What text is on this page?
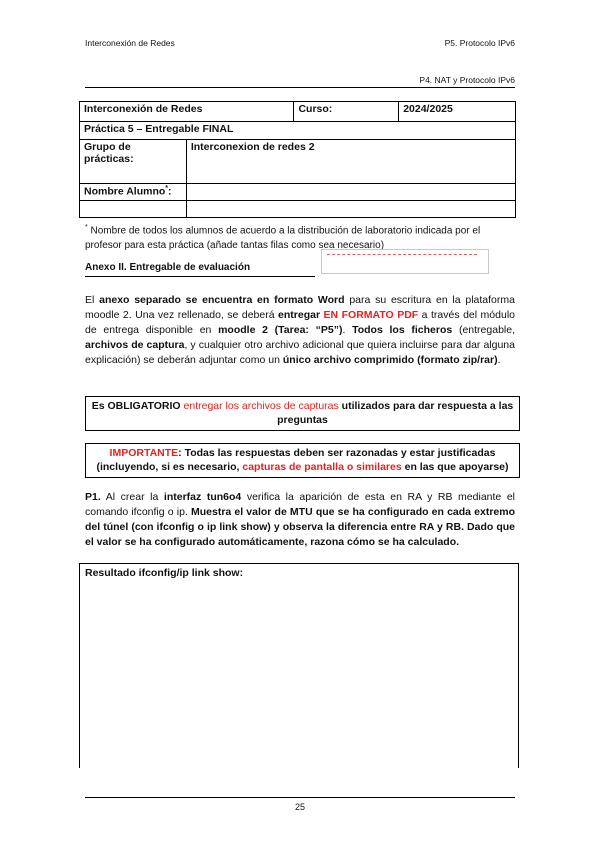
Interconexión de Redes	P5. Protocolo IPv6
P4. NAT y Protocolo IPv6
Interconexión de Redes		Curso:	2024/2025
Práctica 5 – Entregable FINAL			
Grupo de prácticas:	Interconexion de redes 2		
Nombre Alumno*:			

* Nombre de todos los alumnos de acuerdo a la distribución de laboratorio indicada por el profesor para esta práctica (añade tantas filas como sea necesario)
Anexo II. Entregable de evaluación
El anexo separado se encuentra en formato Word para su escritura en la plataforma moodle 2. Una vez rellenado, se deberá entregar EN FORMATO PDF a través del módulo de entrega disponible en moodle 2 (Tarea: “P5”). Todos los ficheros (entregable, archivos de captura, y cualquier otro archivo adicional que quiera incluirse para dar alguna explicación) se deberán adjuntar como un único archivo comprimido (formato zip/rar).
Es OBLIGATORIO entregar los archivos de capturas utilizados para dar respuesta a las preguntas
IMPORTANTE: Todas las respuestas deben ser razonadas y estar justificadas (incluyendo, si es necesario, capturas de pantalla o similares en las que apoyarse)
P1. Al crear la interfaz tun6o4 verifica la aparición de esta en RA y RB mediante el comando ifconfig o ip. Muestra el valor de MTU que se ha configurado en cada extremo del túnel (con ifconfig o ip link show) y observa la diferencia entre RA y RB. Dado que el valor se ha configurado automáticamente, razona cómo se ha calculado.
Resultado ifconfig/ip link show:
25
